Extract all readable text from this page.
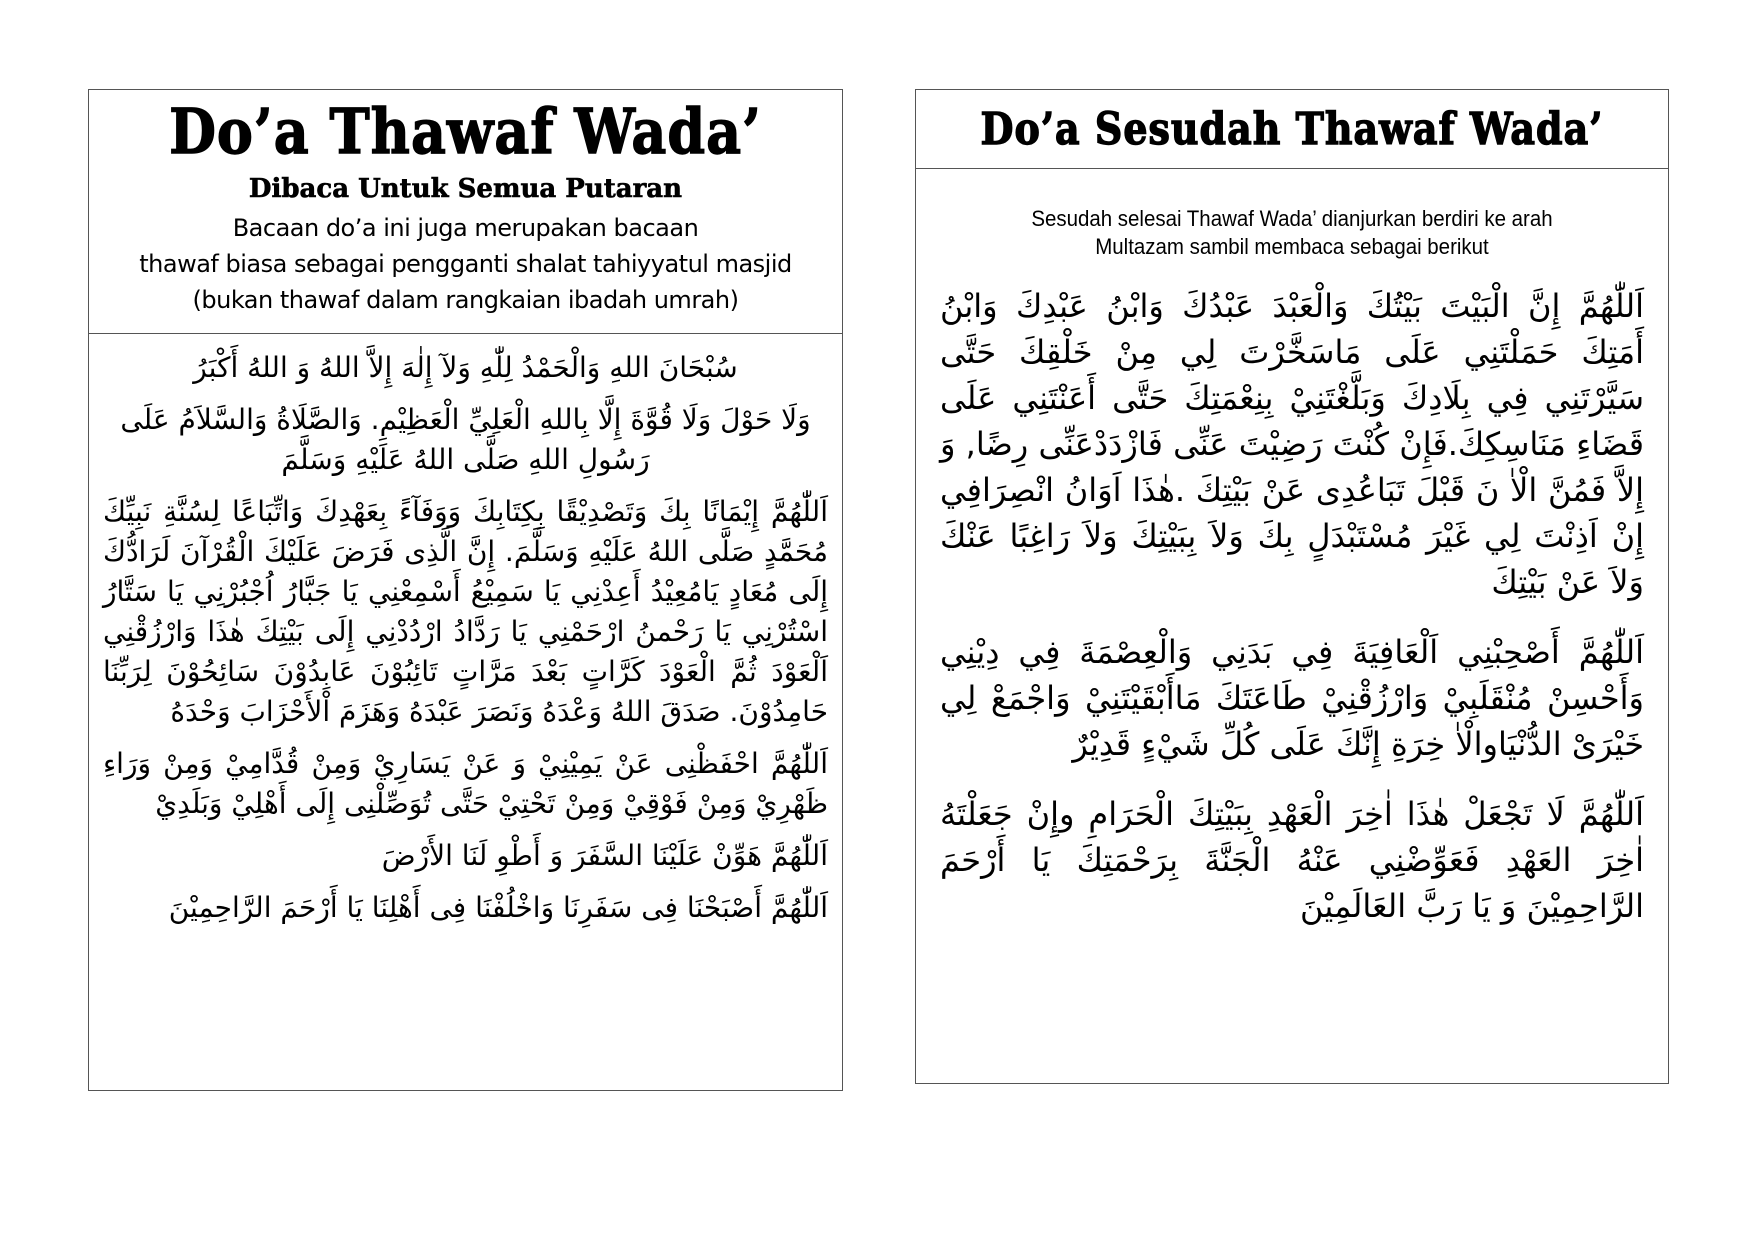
Do’a Thawaf Wada’
Dibaca Untuk Semua Putaran
Bacaan do’a ini juga merupakan bacaan
thawaf biasa sebagai pengganti shalat tahiyyatul masjid
(bukan thawaf dalam rangkaian ibadah umrah)

سُبْحَانَ اللهِ وَالْحَمْدُ لِلّٰهِ وَلآ إِلٰهَ إِلاَّ اللهُ وَ اللهُ أَكْبَرُ

وَلَا حَوْلَ وَلَا قُوَّةَ إِلَّا بِاللهِ الْعَلِيِّ الْعَظِيْمِ. وَالصَّلَاةُ وَالسَّلاَمُ عَلَى رَسُولِ اللهِ صَلَّى اللهُ عَلَيْهِ وَسَلَّمَ

اَللّٰهُمَّ إِيْمَانًا بِكَ وَتَصْدِيْقًا بِكِتَابِكَ وَوَفَآءً بِعَهْدِكَ وَاتِّبَاعًا لِسُنَّةِ نَبِيِّكَ مُحَمَّدٍ صَلَّى اللهُ عَلَيْهِ وَسَلَّمَ. إِنَّ الَّذِى فَرَضَ عَلَيْكَ الْقُرْآنَ لَرَادُّكَ إِلَى مُعَادٍ يَامُعِيْدُ أَعِدْنِي يَا سَمِيْعُ أَسْمِعْنِي يَا جَبَّارُ اُجْبُرْنِي يَا سَتَّارُ اسْتُرْنِي يَا رَحْمنُ ارْحَمْنِي يَا رَدَّادُ ارْدُدْنِي إِلَى بَيْتِكَ هٰذَا وَارْزُقْنِي اَلْعَوْدَ ثُمَّ الْعَوْدَ كَرَّاتٍ بَعْدَ مَرَّاتٍ تَائِبُوْنَ عَابِدُوْنَ سَائِحُوْنَ لِرَبِّنَا حَامِدُوْنَ. صَدَقَ اللهُ وَعْدَهُ وَنَصَرَ عَبْدَهُ وَهَزَمَ اْلأَحْزَابَ وَحْدَهُ

اَللّٰهُمَّ احْفَظْنِى عَنْ يَمِيْنِيْ وَ عَنْ يَسَارِيْ وَمِنْ قُدَّامِيْ وَمِنْ وَرَاءِ ظَهْرِيْ وَمِنْ فَوْقِيْ وَمِنْ تَحْتِيْ حَتَّى تُوَصِّلْنِى إِلَى أَهْلِيْ وَبَلَدِيْ

اَللّٰهُمَّ هَوِّنْ عَلَيْنَا السَّفَرَ وَ أَطْوِ لَنَا الأَرْضَ

اَللّٰهُمَّ أَصْبَحْنَا فِى سَفَرِنَا وَاخْلُفْنَا فِى أَهْلِنَا يَا أَرْحَمَ الرَّاحِمِيْنَ

Do’a Sesudah Thawaf Wada’
Sesudah selesai Thawaf Wada’ dianjurkan berdiri ke arah
Multazam sambil membaca sebagai berikut

اَللّٰهُمَّ إِنَّ الْبَيْتَ بَيْتُكَ وَالْعَبْدَ عَبْدُكَ وَابْنُ عَبْدِكَ وَابْنُ أَمَتِكَ حَمَلْتَنِي عَلَى مَاسَخَّرْتَ لِي مِنْ خَلْقِكَ حَتَّى سَيَّرْتَنِي فِي بِلَادِكَ وَبَلَّغْتَنِيْ بِنِعْمَتِكَ حَتَّى أَعَنْتَنِي عَلَى قَضَاءِ مَنَاسِكِكَ.فَإِنْ كُنْتَ رَضِيْتَ عَنِّى فَازْدَدْعَنِّى رِضًا, وَ إِلاَّ فَمُنَّ الْاٰ نَ قَبْلَ تَبَاعُدِى عَنْ بَيْتِكَ .هٰذَا اَوَانُ انْصِرَافِي إِنْ اَذِنْتَ لِي غَيْرَ مُسْتَبْدَلٍ بِكَ وَلاَ بِبَيْتِكَ وَلاَ رَاغِبًا عَنْكَ وَلاَ عَنْ بَيْتِكَ

اَللّٰهُمَّ أَصْحِبْنِي اَلْعَافِيَةَ فِي بَدَنِي وَالْعِصْمَةَ فِي دِيْنِي وَأَحْسِنْ مُنْقَلَبِيْ وَارْزُقْنِيْ طَاعَتَكَ مَاأَبْقَيْتَنِيْ وَاجْمَعْ لِي خَيْرَىْ الدُّنْيَاوالْاٰ خِرَةِ إِنَّكَ عَلَى كُلِّ شَيْءٍ قَدِيْرٌ

اَللّٰهُمَّ لَا تَجْعَلْ هٰذَا اٰخِرَ الْعَهْدِ بِبَيْتِكَ الْحَرَامِ وإِنْ جَعَلْتَهُ اٰخِرَ العَهْدِ فَعَوِّضْنِي عَنْهُ الْجَنَّةَ بِرَحْمَتِكَ يَا أَرْحَمَ الرَّاحِمِيْنَ وَ يَا رَبَّ العَالَمِيْنَ
